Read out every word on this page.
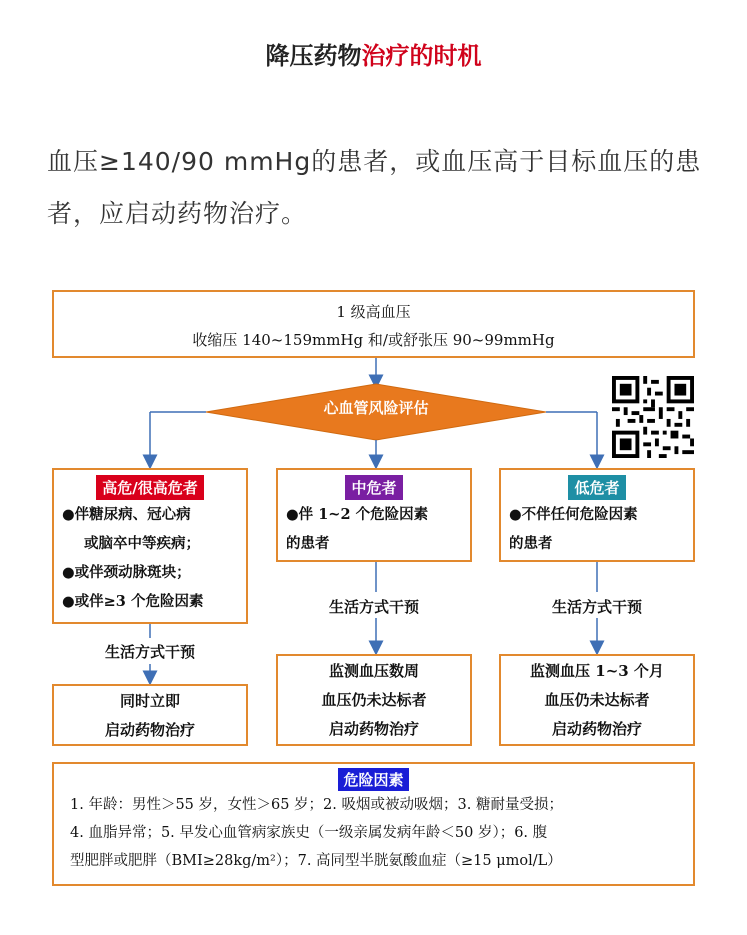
降压药物治疗的时机
血压≥140/90 mmHg的患者，或血压高于目标血压的患者，应启动药物治疗。
1 级高血压
收缩压 140~159mmHg 和/或舒张压 90~99mmHg
心血管风险评估
高危/很高危者
●伴糖尿病、冠心病
或脑卒中等疾病；
●或伴颈动脉斑块；
●或伴≥3 个危险因素
中危者
●伴 1~2 个危险因素
的患者
低危者
●不伴任何危险因素
的患者
生活方式干预
生活方式干预	生活方式干预
同时立即
启动药物治疗
监测血压数周
血压仍未达标者
启动药物治疗
监测血压 1~3 个月
血压仍未达标者
启动药物治疗
危险因素
1. 年龄：男性＞55 岁，女性＞65 岁；2. 吸烟或被动吸烟；3. 糖耐量受损；
4. 血脂异常；5. 早发心血管病家族史（一级亲属发病年龄＜50 岁）；6. 腹
型肥胖或肥胖（BMI≥28kg/m²）；7. 高同型半胱氨酸血症（≥15 μmol/L）
